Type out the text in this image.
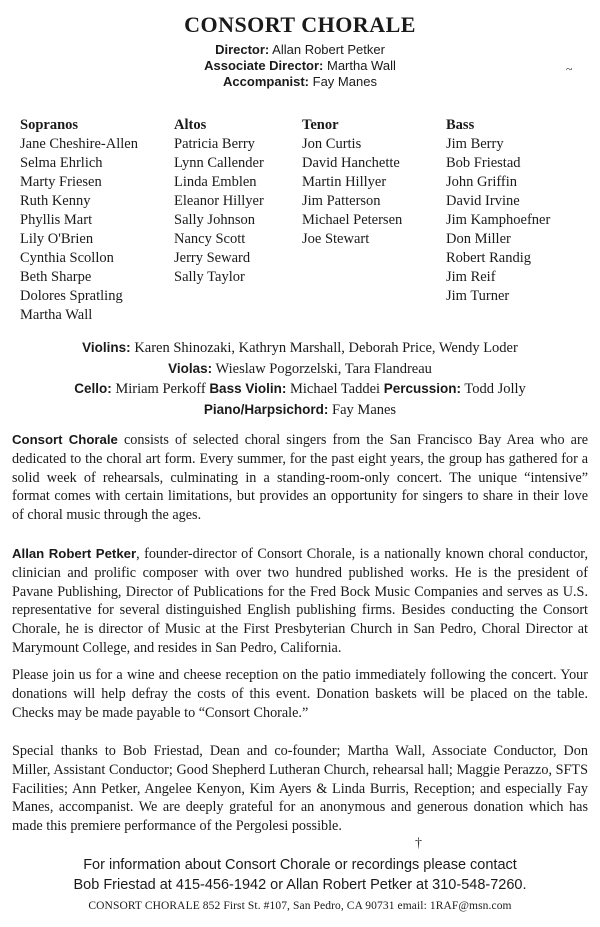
CONSORT CHORALE
Director: Allan Robert Petker
Associate Director: Martha Wall
Accompanist: Fay Manes
~
Sopranos
Jane Cheshire-Allen
Selma Ehrlich
Marty Friesen
Ruth Kenny
Phyllis Mart
Lily O'Brien
Cynthia Scollon
Beth Sharpe
Dolores Spratling
Martha Wall
Altos
Patricia Berry
Lynn Callender
Linda Emblen
Eleanor Hillyer
Sally Johnson
Nancy Scott
Jerry Seward
Sally Taylor
Tenor
Jon Curtis
David Hanchette
Martin Hillyer
Jim Patterson
Michael Petersen
Joe Stewart
Bass
Jim Berry
Bob Friestad
John Griffin
David Irvine
Jim Kamphoefner
Don Miller
Robert Randig
Jim Reif
Jim Turner
Violins: Karen Shinozaki, Kathryn Marshall, Deborah Price, Wendy Loder
Violas: Wieslaw Pogorzelski, Tara Flandreau
Cello: Miriam Perkoff Bass Violin: Michael Taddei Percussion: Todd Jolly
Piano/Harpsichord: Fay Manes

Consort Chorale consists of selected choral singers from the San Francisco Bay Area who are dedicated to the choral art form. Every summer, for the past eight years, the group has gathered for a solid week of rehearsals, culminating in a standing-room-only concert. The unique “intensive” format comes with certain limitations, but provides an opportunity for singers to share in their love of choral music through the ages.

Allan Robert Petker, founder-director of Consort Chorale, is a nationally known choral conductor, clinician and prolific composer with over two hundred published works. He is the president of Pavane Publishing, Director of Publications for the Fred Bock Music Companies and serves as U.S. representative for several distinguished English publishing firms. Besides conducting the Consort Chorale, he is director of Music at the First Presbyterian Church in San Pedro, Choral Director at Marymount College, and resides in San Pedro, California.

Please join us for a wine and cheese reception on the patio immediately following the concert. Your donations will help defray the costs of this event. Donation baskets will be placed on the table. Checks may be made payable to “Consort Chorale.”

Special thanks to Bob Friestad, Dean and co-founder; Martha Wall, Associate Conductor, Don Miller, Assistant Conductor; Good Shepherd Lutheran Church, rehearsal hall; Maggie Perazzo, SFTS Facilities; Ann Petker, Angelee Kenyon, Kim Ayers & Linda Burris, Reception; and especially Fay Manes, accompanist. We are deeply grateful for an anonymous and generous donation which has made this premiere performance of the Pergolesi possible.

†
For information about Consort Chorale or recordings please contact
Bob Friestad at 415-456-1942 or Allan Robert Petker at 310-548-7260.
CONSORT CHORALE 852 First St. #107, San Pedro, CA 90731 email: 1RAF@msn.com
